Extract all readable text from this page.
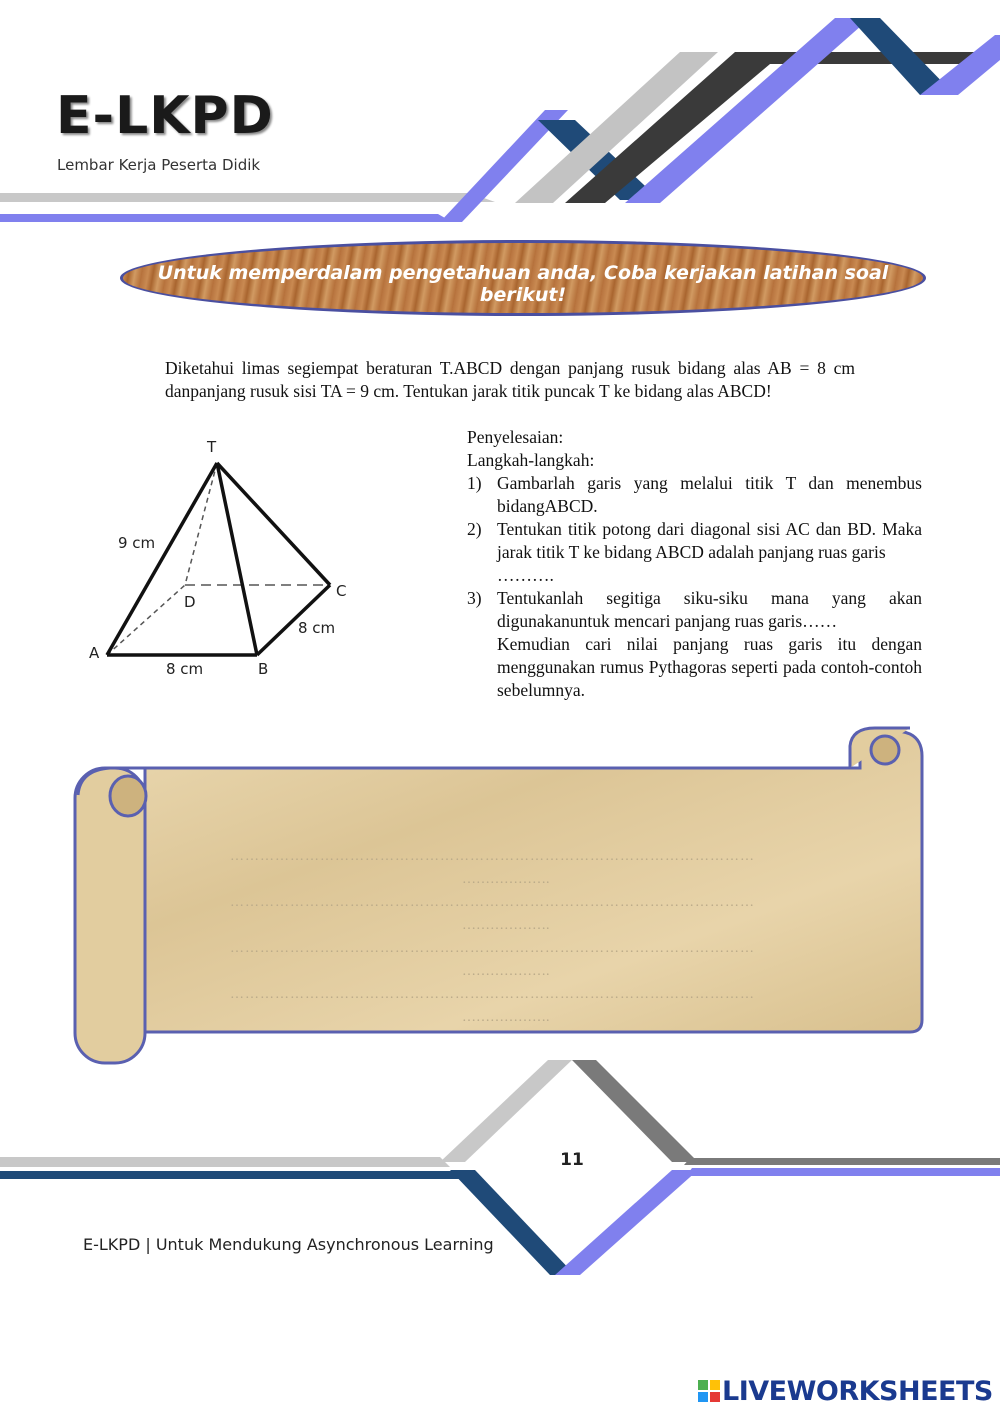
E-LKPD
Lembar Kerja Peserta Didik
Untuk memperdalam pengetahuan anda, Coba kerjakan latihan soal berikut!
Diketahui limas segiempat beraturan T.ABCD dengan panjang rusuk bidang alas AB = 8 cm danpanjang rusuk sisi TA = 9 cm. Tentukan jarak titik puncak T ke bidang alas ABCD!
T
A
B
C
D
9 cm
8 cm
8 cm
Penyelesaian:
Langkah-langkah:
1) Gambarlah garis yang melalui titik T dan menembus bidangABCD.
2) Tentukan titik potong dari diagonal sisi AC dan BD. Maka jarak titik T ke bidang ABCD adalah panjang ruas garis
……….
3) Tentukanlah segitiga siku-siku mana yang akan digunakanuntuk mencari panjang ruas garis……
Kemudian cari nilai panjang ruas garis itu dengan menggunakan rumus Pythagoras seperti pada contoh-contoh sebelumnya.
……………………………………………………………………………………………
……………….
……………………………………………………………………………………………
……………….
……………………………………………………………………………………………
……………….
……………………………………………………………………………………………
……………….
11
E-LKPD | Untuk Mendukung Asynchronous Learning
LIVEWORKSHEETS
